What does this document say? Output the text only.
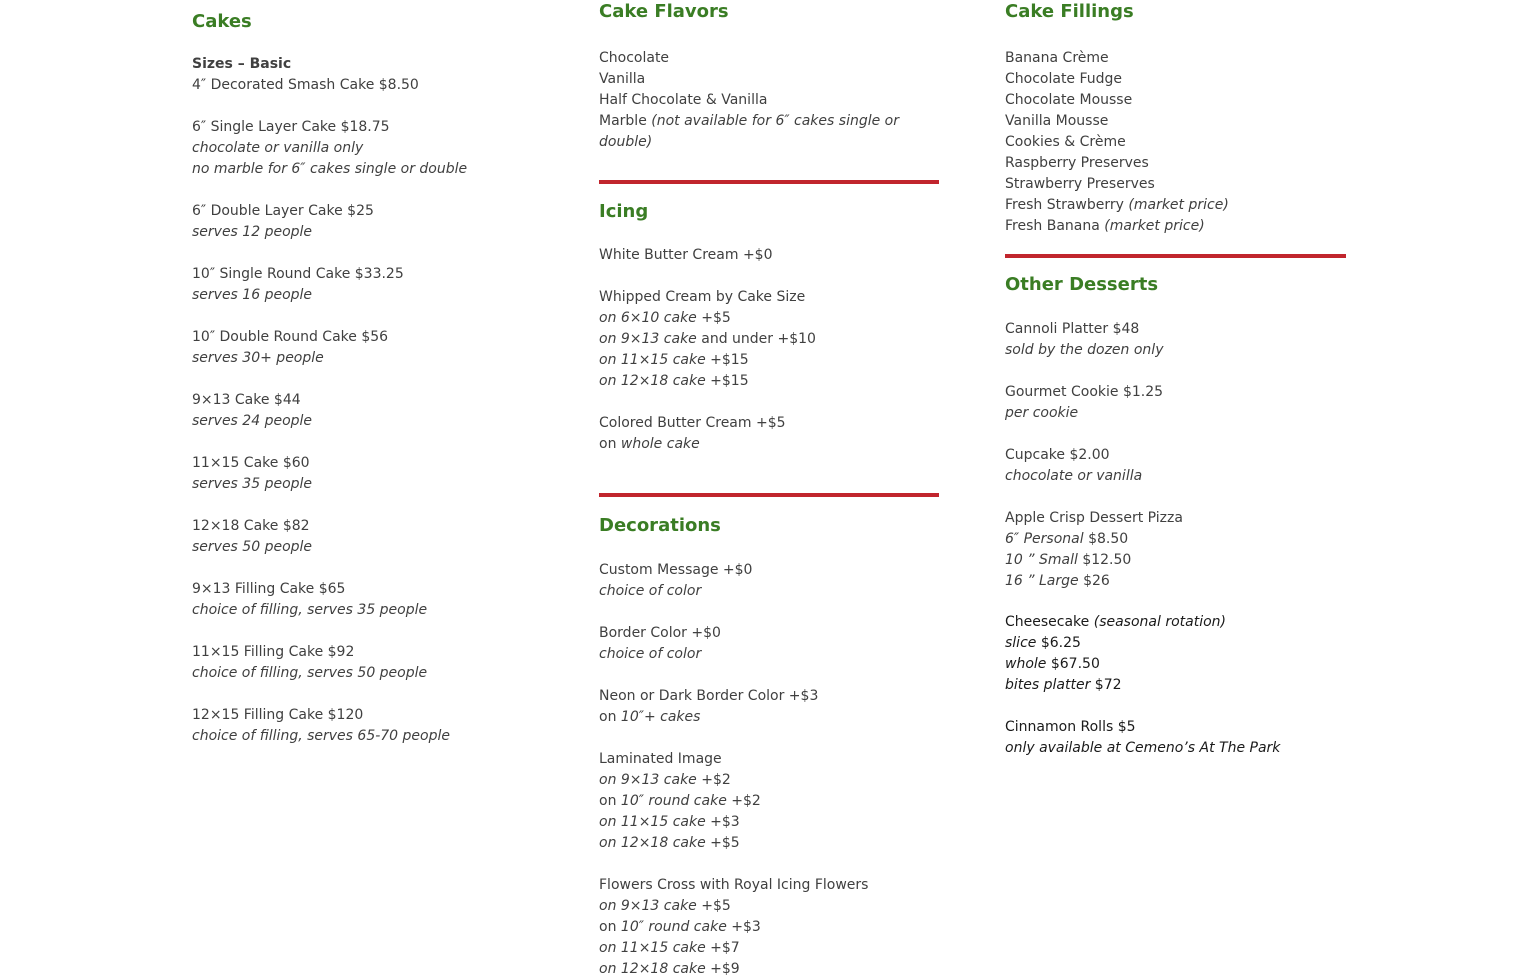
Cakes

Sizes – Basic

4″ Decorated Smash Cake $8.50

6″ Single Layer Cake $18.75

chocolate or vanilla only

no marble for 6″ cakes single or double

6″ Double Layer Cake $25

serves 12 people

10″ Single Round Cake $33.25

serves 16 people

10″ Double Round Cake $56

serves 30+ people

9×13 Cake $44

serves 24 people

11×15 Cake $60

serves 35 people

12×18 Cake $82

serves 50 people

9×13 Filling Cake $65

choice of filling, serves 35 people

11×15 Filling Cake $92

choice of filling, serves 50 people

12×15 Filling Cake $120

choice of filling, serves 65-70 people

Cake Flavors

Chocolate

Vanilla

Half Chocolate & Vanilla

Marble (not available for 6″ cakes single or double)

Icing

White Butter Cream +$0

Whipped Cream by Cake Size

on 6×10 cake +$5

on 9×13 cake and under +$10

on 11×15 cake +$15

on 12×18 cake +$15

Colored Butter Cream +$5

on whole cake

Decorations

Custom Message +$0

choice of color

Border Color +$0

choice of color

Neon or Dark Border Color +$3

on 10″+ cakes

Laminated Image

on 9×13 cake +$2

on 10″ round cake +$2

on 11×15 cake +$3

on 12×18 cake +$5

Flowers Cross with Royal Icing Flowers

on 9×13 cake +$5

on 10″ round cake +$3

on 11×15 cake +$7

on 12×18 cake +$9

Cake Fillings

Banana Crème

Chocolate Fudge

Chocolate Mousse

Vanilla Mousse

Cookies & Crème

Raspberry Preserves

Strawberry Preserves

Fresh Strawberry (market price)

Fresh Banana (market price)

Other Desserts

Cannoli Platter $48

sold by the dozen only

Gourmet Cookie $1.25

per cookie

Cupcake $2.00

chocolate or vanilla

Apple Crisp Dessert Pizza

6″ Personal $8.50

10 ” Small $12.50

16 ” Large $26

Cheesecake (seasonal rotation)

slice $6.25

whole $67.50

bites platter $72

Cinnamon Rolls $5

only available at Cemeno’s At The Park
